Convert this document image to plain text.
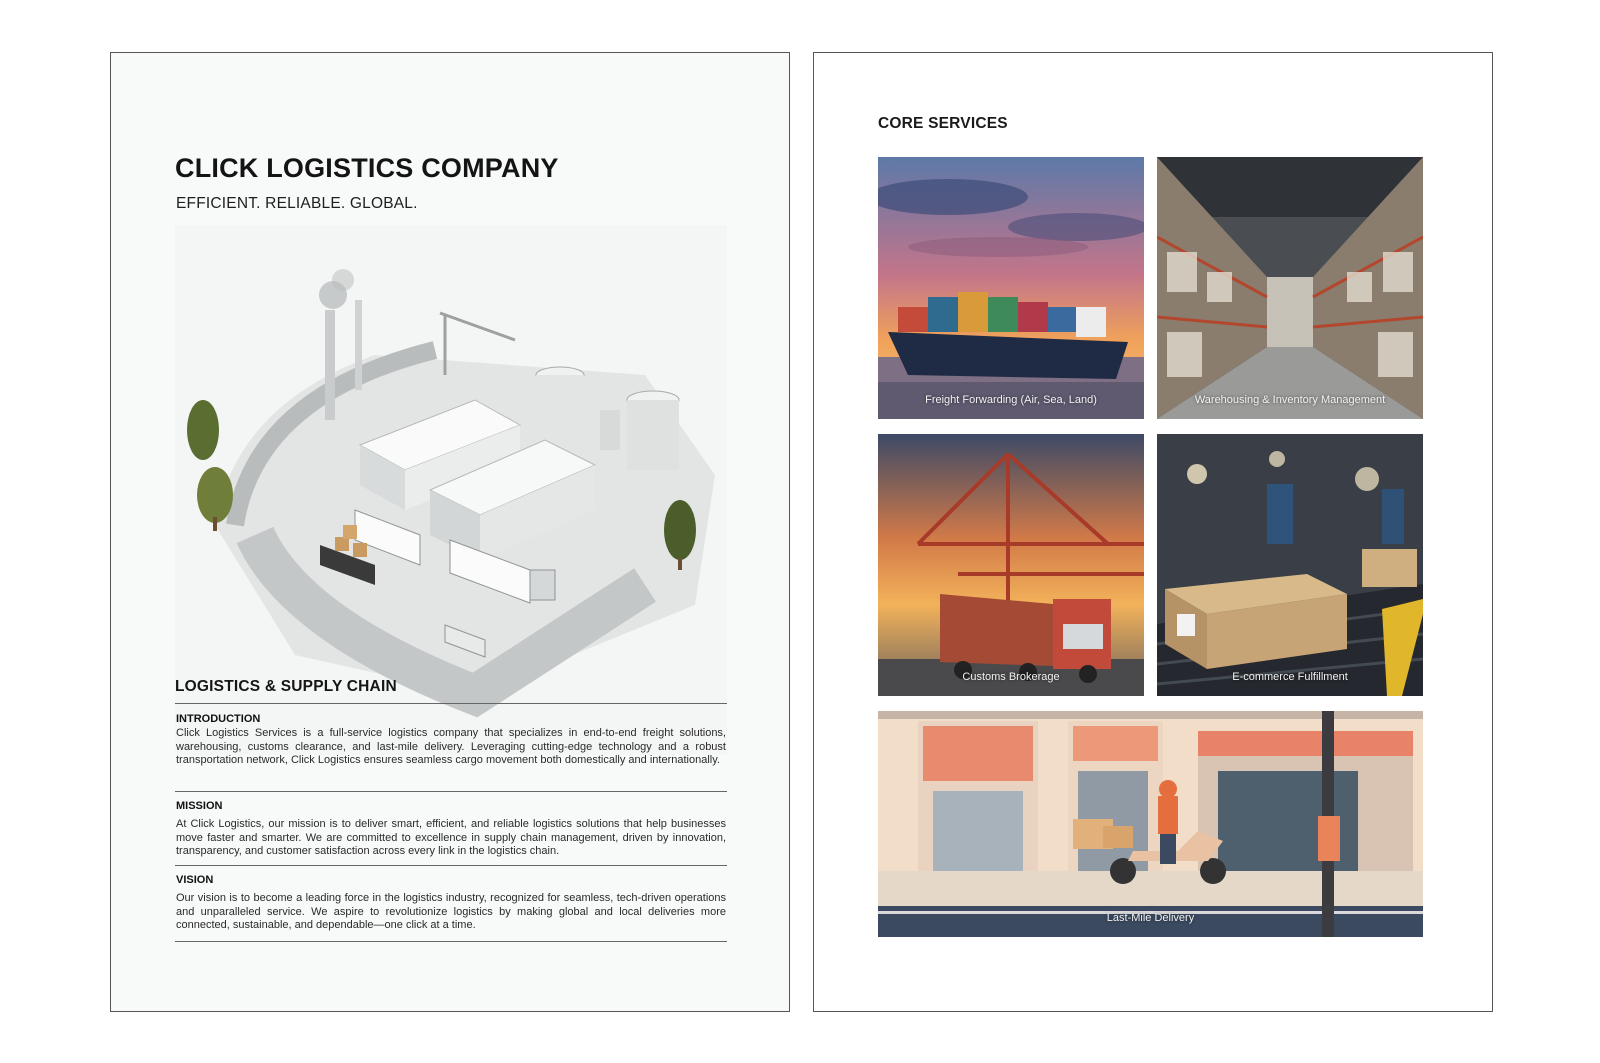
CLICK LOGISTICS COMPANY

EFFICIENT. RELIABLE. GLOBAL.

LOGISTICS & SUPPLY CHAIN

INTRODUCTION

Click Logistics Services is a full-service logistics company that specializes in end-to-end freight solutions, warehousing, customs clearance, and last-mile delivery. Leveraging cutting-edge technology and a robust transportation network, Click Logistics ensures seamless cargo movement both domestically and internationally.

MISSION

At Click Logistics, our mission is to deliver smart, efficient, and reliable logistics solutions that help businesses move faster and smarter. We are committed to excellence in supply chain management, driven by innovation, transparency, and customer satisfaction across every link in the logistics chain.

VISION

Our vision is to become a leading force in the logistics industry, recognized for seamless, tech-driven operations and unparalleled service. We aspire to revolutionize logistics by making global and local deliveries more connected, sustainable, and dependable—one click at a time.

CORE SERVICES
Freight Forwarding (Air, Sea, Land)	Warehousing & Inventory Management
Customs Brokerage	E-commerce Fulfillment
Last-Mile Delivery
